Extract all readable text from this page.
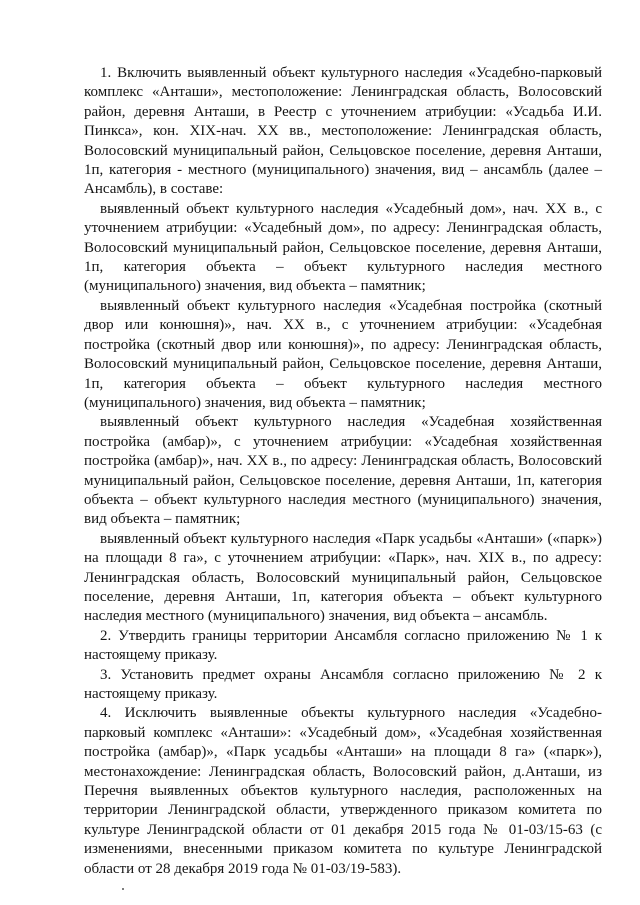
1. Включить выявленный объект культурного наследия «Усадебно-парковый комплекс «Анташи», местоположение: Ленинградская область, Волосовский район, деревня Анташи, в Реестр с уточнением атрибуции: «Усадьба И.И. Пинкса», кон. XIX-нач. XX вв., местоположение: Ленинградская область, Волосовский муниципальный район, Сельцовское поселение, деревня Анташи, 1п, категория - местного (муниципального) значения, вид – ансамбль (далее – Ансамбль), в составе:

выявленный объект культурного наследия «Усадебный дом», нач. XX в., с уточнением атрибуции: «Усадебный дом», по адресу: Ленинградская область, Волосовский муниципальный район, Сельцовское поселение, деревня Анташи, 1п, категория объекта – объект культурного наследия местного (муниципального) значения, вид объекта – памятник;

выявленный объект культурного наследия «Усадебная постройка (скотный двор или конюшня)», нач. XX в., с уточнением атрибуции: «Усадебная постройка (скотный двор или конюшня)», по адресу: Ленинградская область, Волосовский муниципальный район, Сельцовское поселение, деревня Анташи, 1п, категория объекта – объект культурного наследия местного (муниципального) значения, вид объекта – памятник;

выявленный объект культурного наследия «Усадебная хозяйственная постройка (амбар)», с уточнением атрибуции: «Усадебная хозяйственная постройка (амбар)», нач. XX в., по адресу: Ленинградская область, Волосовский муниципальный район, Сельцовское поселение, деревня Анташи, 1п, категория объекта – объект культурного наследия местного (муниципального) значения, вид объекта – памятник;

выявленный объект культурного наследия «Парк усадьбы «Анташи» («парк») на площади 8 га», с уточнением атрибуции: «Парк», нач. XIX в., по адресу: Ленинградская область, Волосовский муниципальный район, Сельцовское поселение, деревня Анташи, 1п, категория объекта – объект культурного наследия местного (муниципального) значения, вид объекта – ансамбль.

2. Утвердить границы территории Ансамбля согласно приложению № 1 к настоящему приказу.

3. Установить предмет охраны Ансамбля согласно приложению № 2 к настоящему приказу.

4. Исключить выявленные объекты культурного наследия «Усадебно-парковый комплекс «Анташи»: «Усадебный дом», «Усадебная хозяйственная постройка (амбар)», «Парк усадьбы «Анташи» на площади 8 га» («парк»), местонахождение: Ленинградская область, Волосовский район, д.Анташи, из Перечня выявленных объектов культурного наследия, расположенных на территории Ленинградской области, утвержденного приказом комитета по культуре Ленинградской области от 01 декабря 2015 года № 01-03/15-63 (с изменениями, внесенными приказом комитета по культуре Ленинградской области от 28 декабря 2019 года № 01-03/19-583).
